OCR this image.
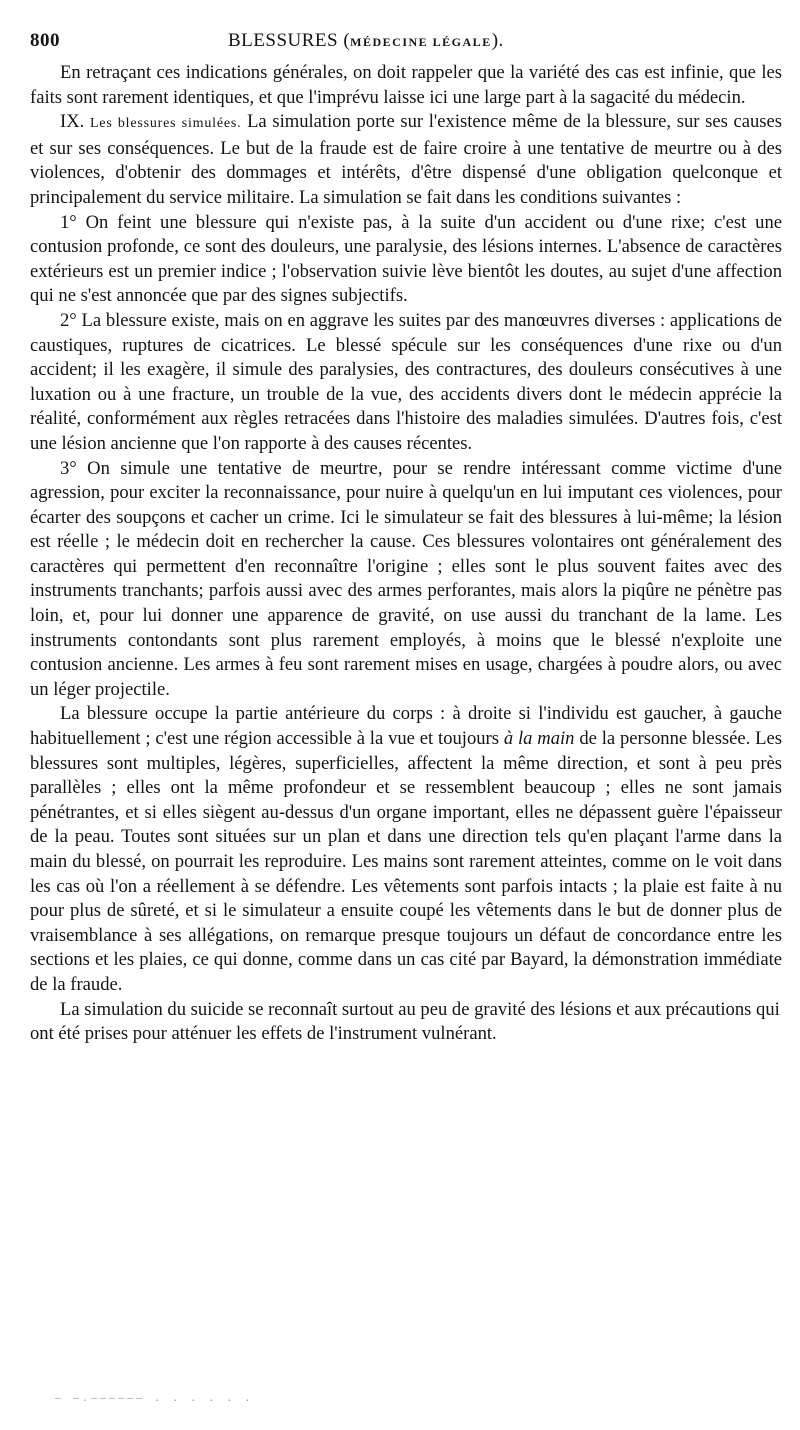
800	BLESSURES (MÉDECINE LÉGALE).

En retraçant ces indications générales, on doit rappeler que la variété des cas est infinie, que les faits sont rarement identiques, et que l'imprévu laisse ici une large part à la sagacité du médecin.

IX. Les blessures simulées. La simulation porte sur l'existence même de la blessure, sur ses causes et sur ses conséquences. Le but de la fraude est de faire croire à une tentative de meurtre ou à des violences, d'obtenir des dommages et intérêts, d'être dispensé d'une obligation quelconque et principalement du service militaire. La simulation se fait dans les conditions suivantes :

1° On feint une blessure qui n'existe pas, à la suite d'un accident ou d'une rixe; c'est une contusion profonde, ce sont des douleurs, une paralysie, des lésions internes. L'absence de caractères extérieurs est un premier indice ; l'observation suivie lève bientôt les doutes, au sujet d'une affection qui ne s'est annoncée que par des signes subjectifs.

2° La blessure existe, mais on en aggrave les suites par des manœuvres diverses : applications de caustiques, ruptures de cicatrices. Le blessé spécule sur les conséquences d'une rixe ou d'un accident; il les exagère, il simule des paralysies, des contractures, des douleurs consécutives à une luxation ou à une fracture, un trouble de la vue, des accidents divers dont le médecin apprécie la réalité, conformément aux règles retracées dans l'histoire des maladies simulées. D'autres fois, c'est une lésion ancienne que l'on rapporte à des causes récentes.

3° On simule une tentative de meurtre, pour se rendre intéressant comme victime d'une agression, pour exciter la reconnaissance, pour nuire à quelqu'un en lui imputant ces violences, pour écarter des soupçons et cacher un crime. Ici le simulateur se fait des blessures à lui-même; la lésion est réelle ; le médecin doit en rechercher la cause. Ces blessures volontaires ont généralement des caractères qui permettent d'en reconnaître l'origine ; elles sont le plus souvent faites avec des instruments tranchants; parfois aussi avec des armes perforantes, mais alors la piqûre ne pénètre pas loin, et, pour lui donner une apparence de gravité, on use aussi du tranchant de la lame. Les instruments contondants sont plus rarement employés, à moins que le blessé n'exploite une contusion ancienne. Les armes à feu sont rarement mises en usage, chargées à poudre alors, ou avec un léger projectile.

La blessure occupe la partie antérieure du corps : à droite si l'individu est gaucher, à gauche habituellement ; c'est une région accessible à la vue et toujours à la main de la personne blessée. Les blessures sont multiples, légères, superficielles, affectent la même direction, et sont à peu près parallèles ; elles ont la même profondeur et se ressemblent beaucoup ; elles ne sont jamais pénétrantes, et si elles siègent au-dessus d'un organe important, elles ne dépassent guère l'épaisseur de la peau. Toutes sont situées sur un plan et dans une direction tels qu'en plaçant l'arme dans la main du blessé, on pourrait les reproduire. Les mains sont rarement atteintes, comme on le voit dans les cas où l'on a réellement à se défendre. Les vêtements sont parfois intacts ; la plaie est faite à nu pour plus de sûreté, et si le simulateur a ensuite coupé les vêtements dans le but de donner plus de vraisemblance à ses allégations, on remarque presque toujours un défaut de concordance entre les sections et les plaies, ce qui donne, comme dans un cas cité par Bayard, la démonstration immédiate de la fraude.

La simulation du suicide se reconnaît surtout au peu de gravité des lésions et aux précautions qui ont été prises pour atténuer les effets de l'instrument vulnérant.

— —.—————— . . . . . .
